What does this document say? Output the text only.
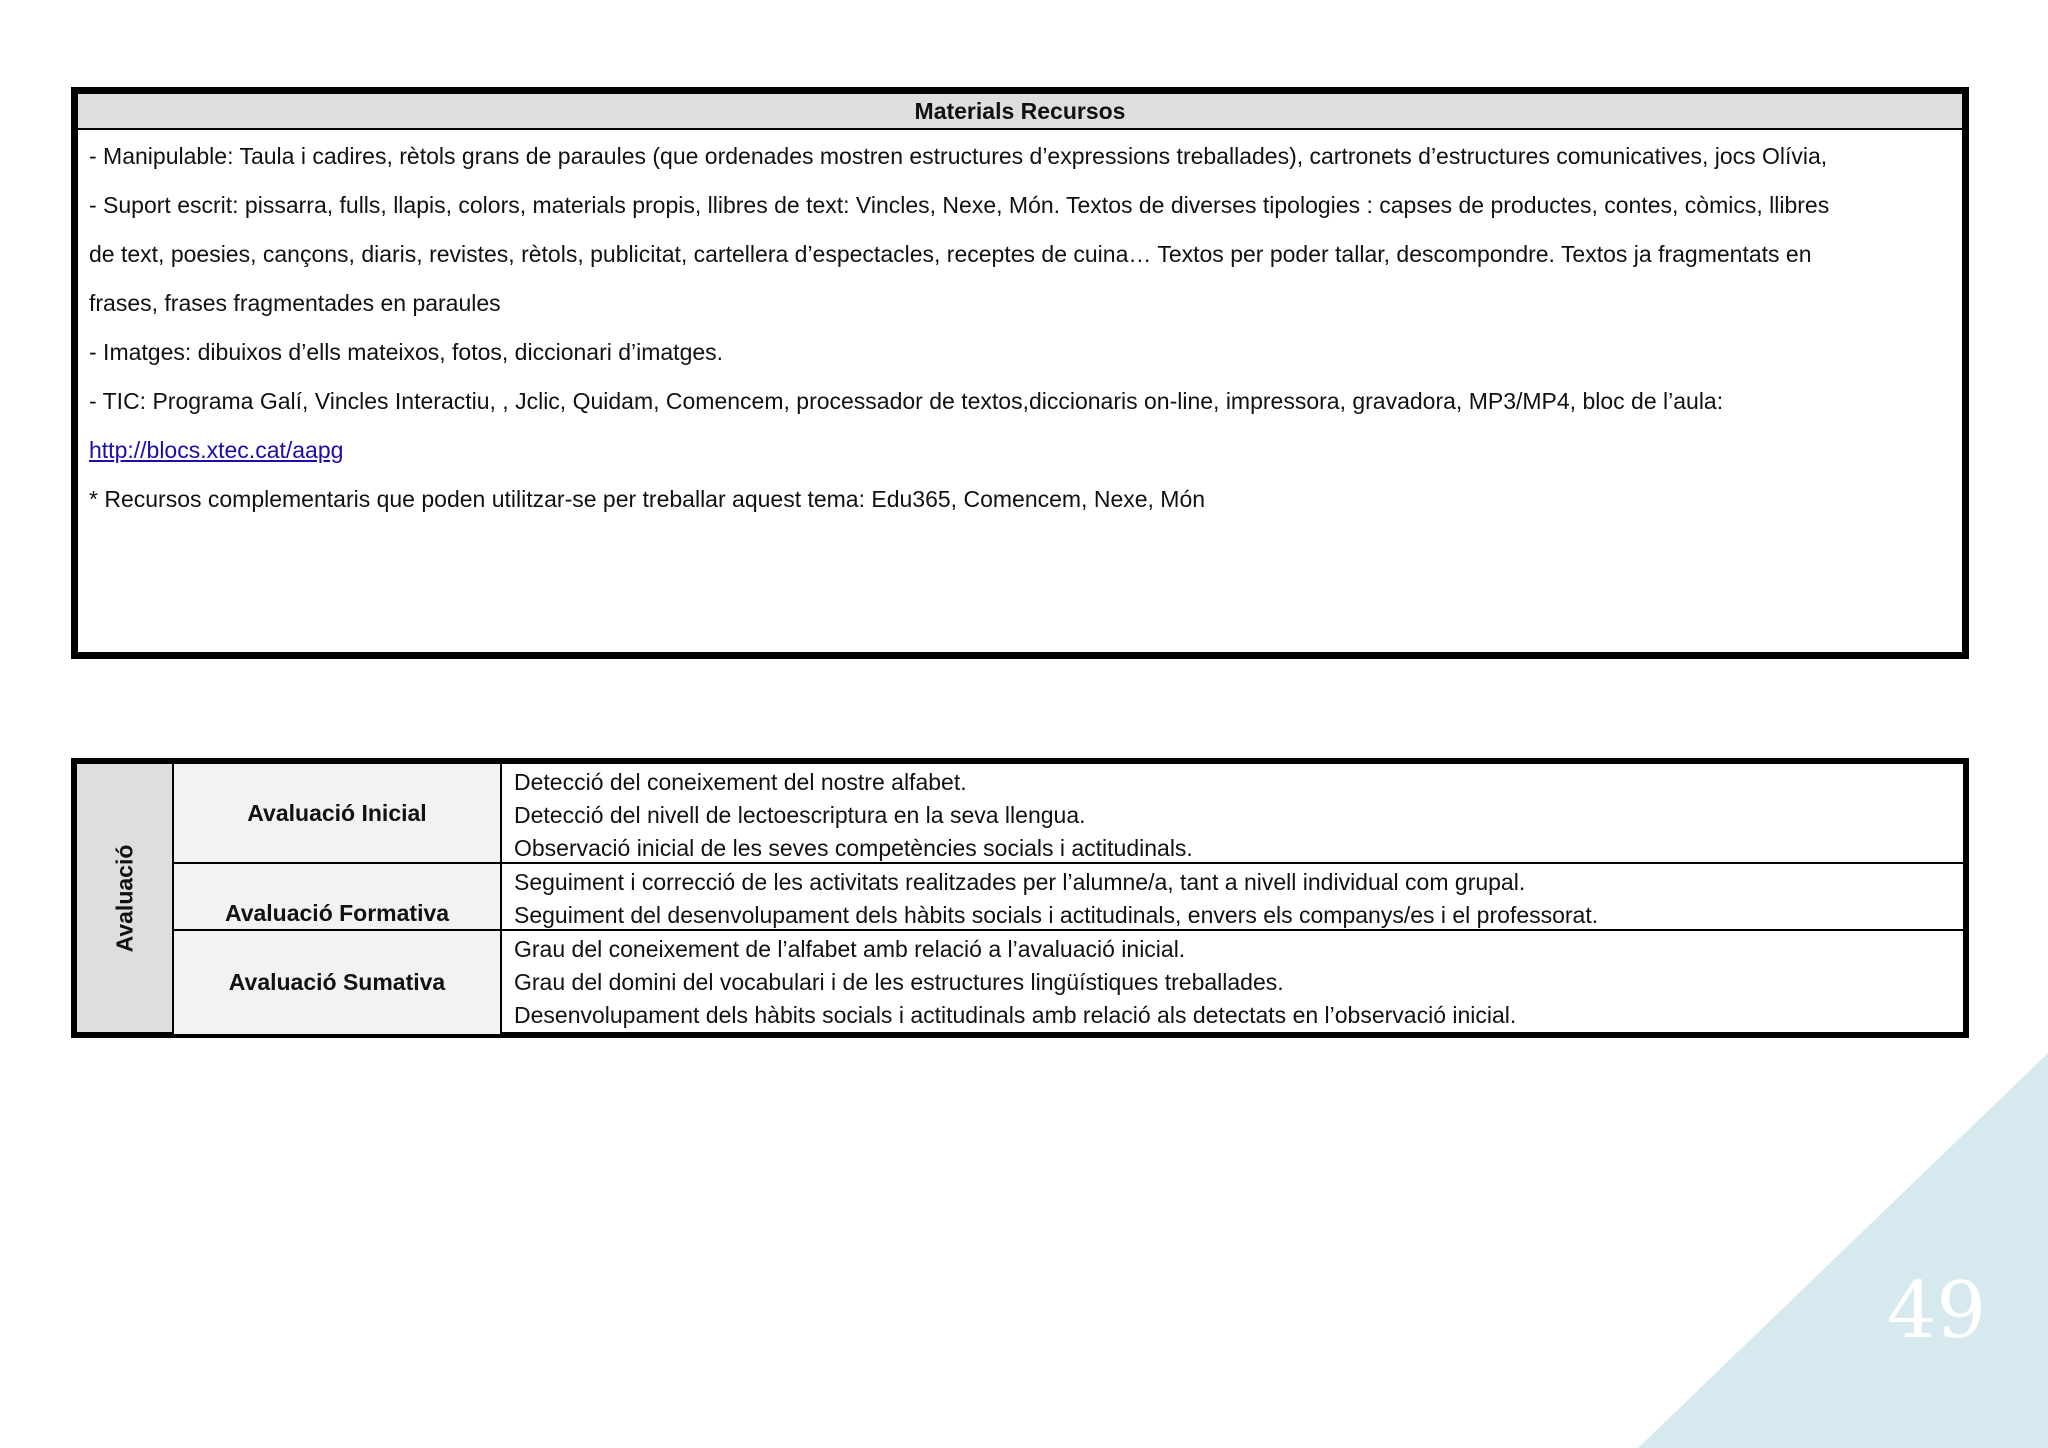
Materials Recursos

- Manipulable: Taula i cadires, rètols grans de paraules (que ordenades mostren estructures d’expressions treballades), cartronets d’estructures comunicatives, jocs Olívia,

- Suport escrit: pissarra, fulls, llapis, colors, materials propis, llibres de text: Vincles, Nexe, Món. Textos de diverses tipologies : capses de productes, contes, còmics, llibres

de text, poesies, cançons, diaris, revistes, rètols, publicitat, cartellera d’espectacles, receptes de cuina… Textos per poder tallar, descompondre. Textos ja fragmentats en

frases, frases fragmentades en paraules

- Imatges: dibuixos d’ells mateixos, fotos, diccionari d’imatges.

- TIC: Programa Galí, Vincles Interactiu, , Jclic, Quidam, Comencem, processador de textos,diccionaris on-line, impressora, gravadora, MP3/MP4, bloc de l’aula:

http://blocs.xtec.cat/aapg

* Recursos complementaris que poden utilitzar-se per treballar aquest tema: Edu365, Comencem, Nexe, Món

Avaluació
Avaluació Inicial
Detecció del coneixement del nostre alfabet.
Detecció del nivell de lectoescriptura en la seva llengua.
Observació inicial de les seves competències socials i actitudinals.
Avaluació Formativa
Seguiment i correcció de les activitats realitzades per l’alumne/a, tant a nivell individual com grupal.
Seguiment del desenvolupament dels hàbits socials i actitudinals, envers els companys/es i el professorat.
Avaluació Sumativa
Grau del coneixement de l’alfabet amb relació a l’avaluació inicial.
Grau del domini del vocabulari i de les estructures lingüístiques treballades.
Desenvolupament dels hàbits socials i actitudinals amb relació als detectats en l’observació inicial.
49
